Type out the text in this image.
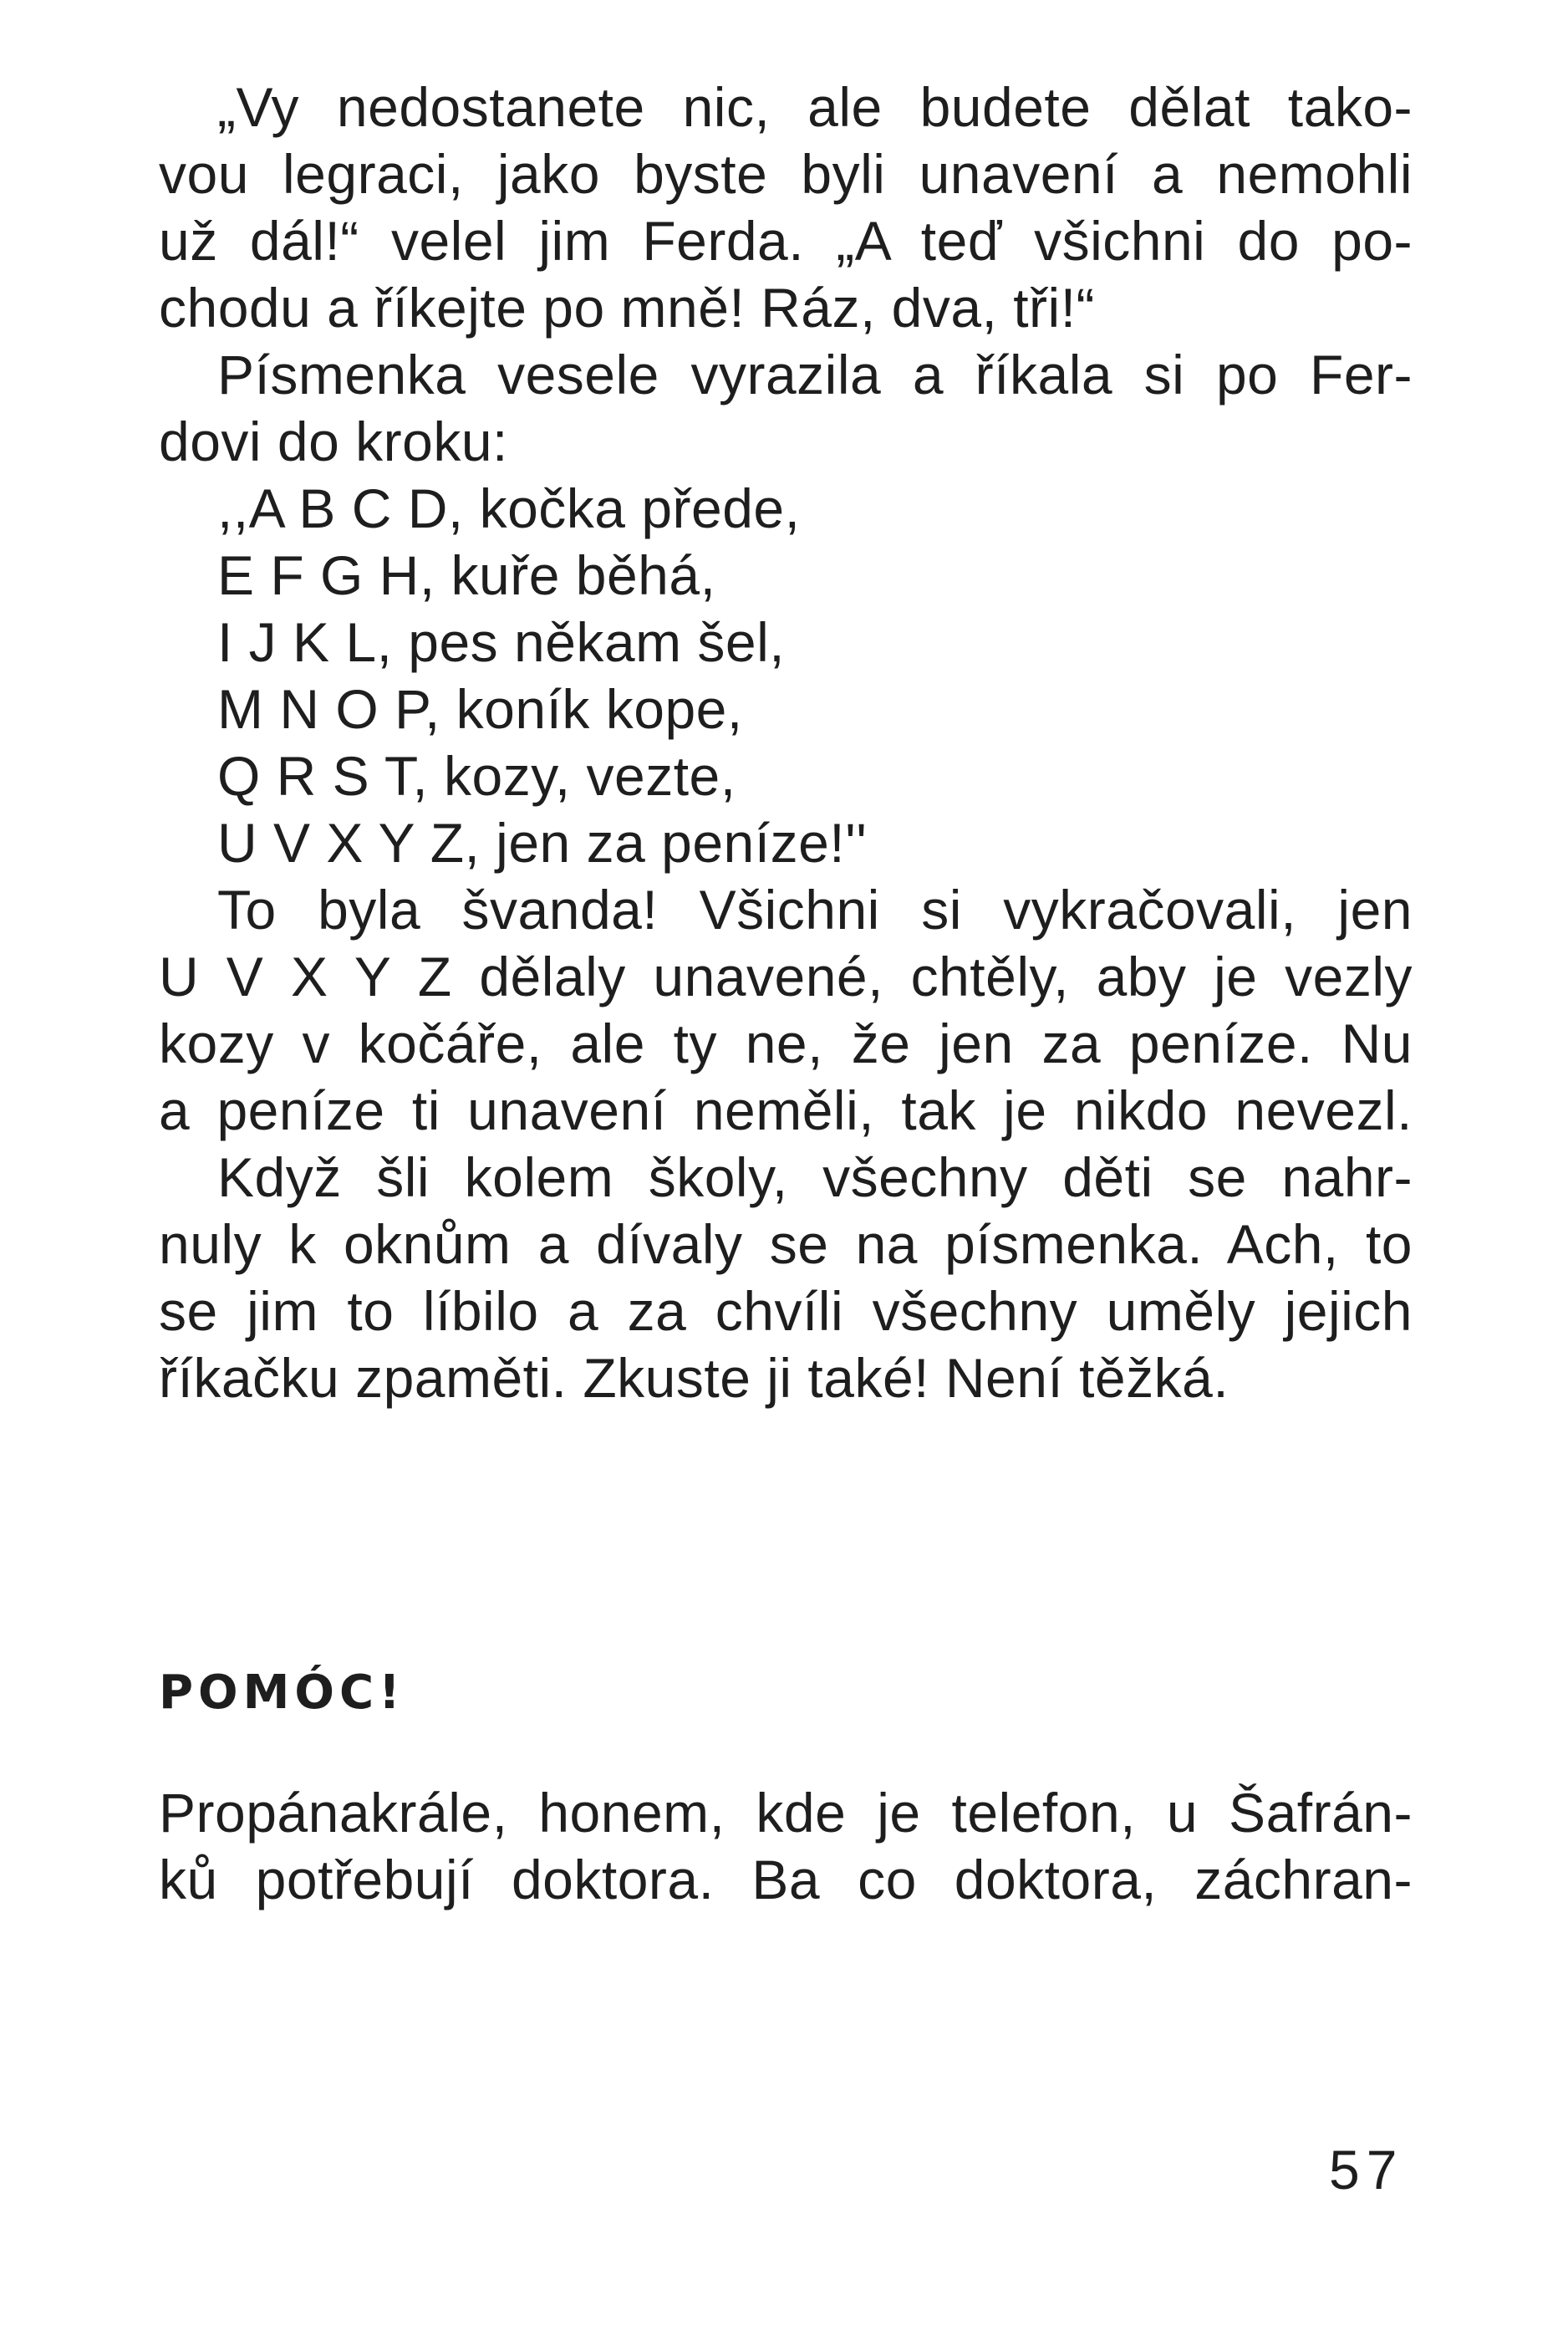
„Vy nedostanete nic, ale budete dělat tako-
vou legraci, jako byste byli unavení a nemohli
už dál!“ velel jim Ferda. „A teď všichni do po-
chodu a říkejte po mně! Ráz, dva, tři!“
Písmenka vesele vyrazila a říkala si po Fer-
dovi do kroku:
,,A B C D, kočka přede,
E F G H, kuře běhá,
I J K L, pes někam šel,
M N O P, koník kope,
Q R S T, kozy, vezte,
U V X Y Z, jen za peníze!''
To byla švanda! Všichni si vykračovali, jen
U V X Y Z dělaly unavené, chtěly, aby je vezly
kozy v kočáře, ale ty ne, že jen za peníze. Nu
a peníze ti unavení neměli, tak je nikdo nevezl.
Když šli kolem školy, všechny děti se nahr-
nuly k oknům a dívaly se na písmenka. Ach, to
se jim to líbilo a za chvíli všechny uměly jejich
říkačku zpaměti. Zkuste ji také! Není těžká.
POMÓC!
Propánakrále, honem, kde je telefon, u Šafrán-
ků potřebují doktora. Ba co doktora, záchran-
57
